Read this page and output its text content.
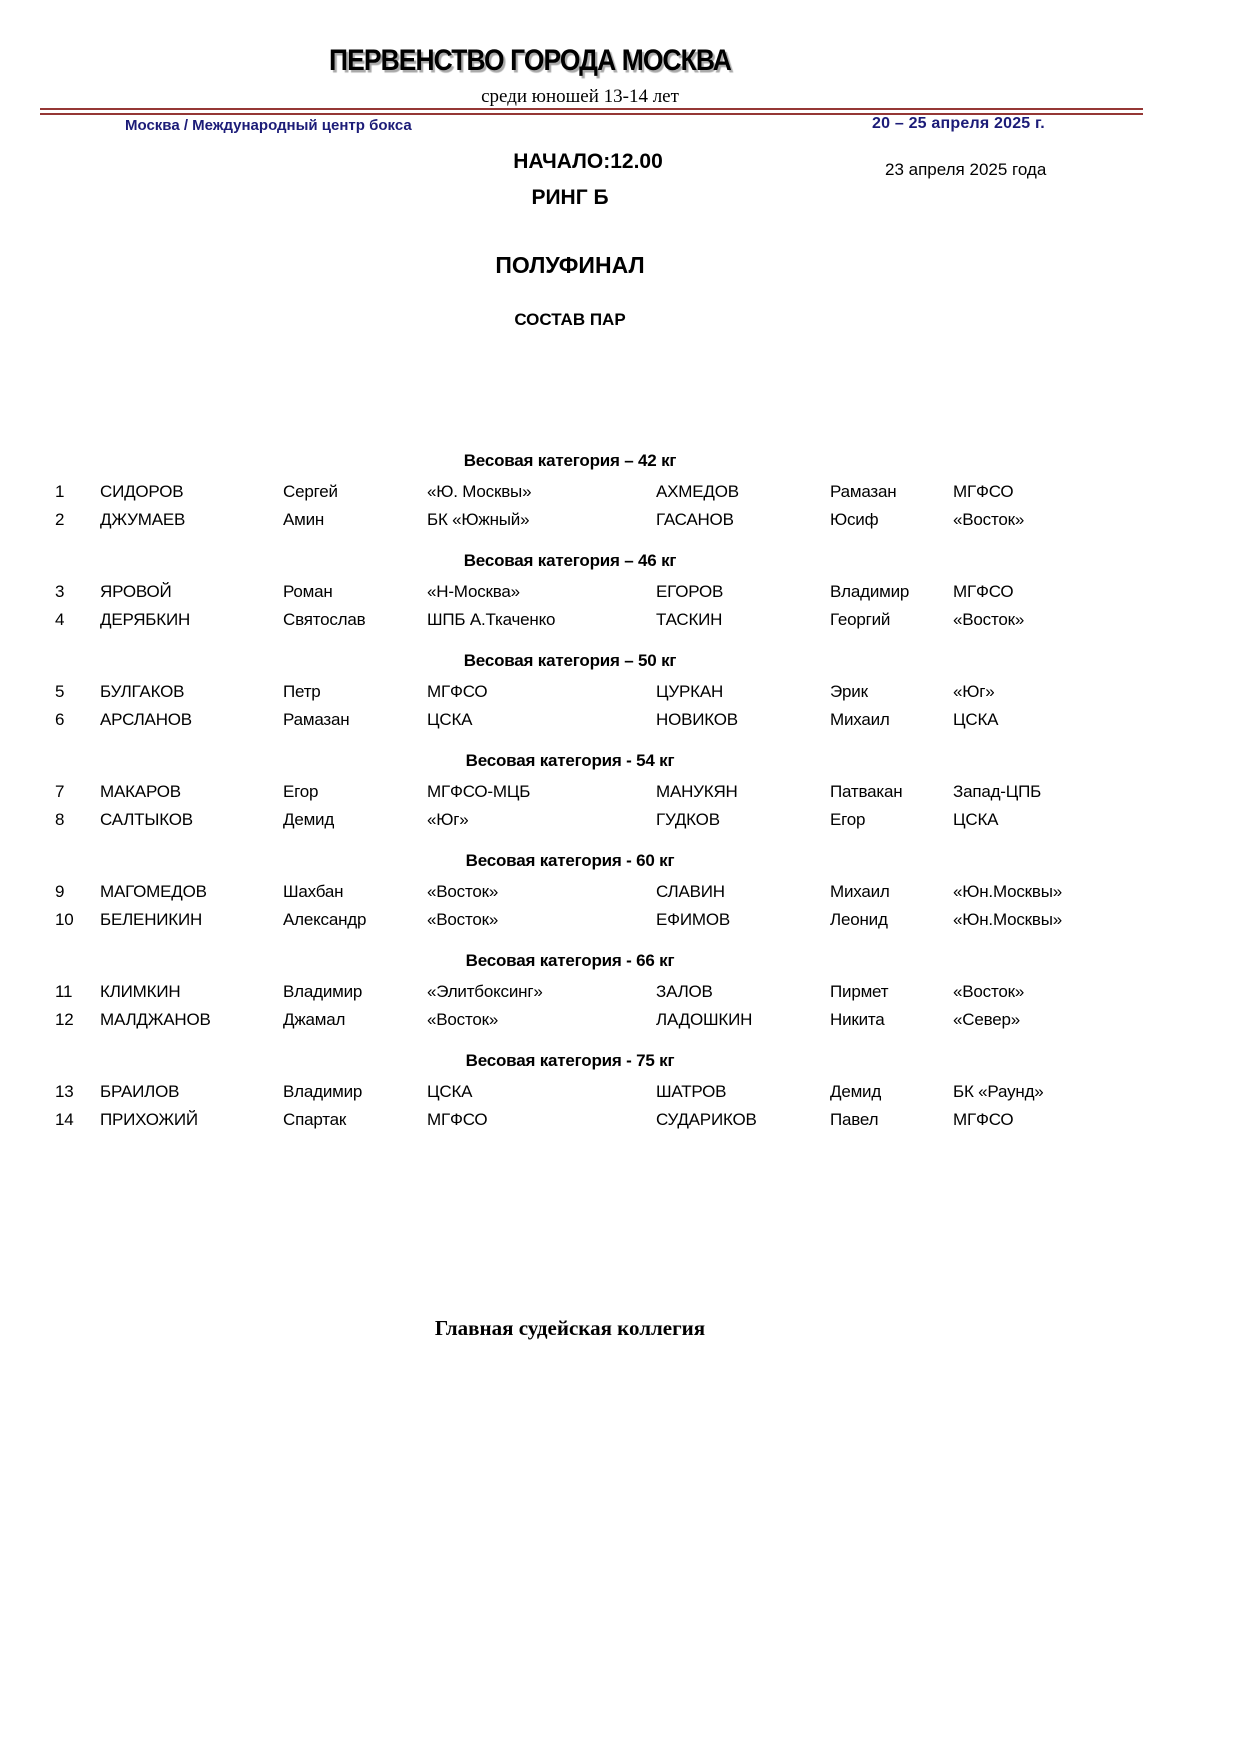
ПЕРВЕНСТВО ГОРОДА МОСКВА
среди юношей 13-14 лет
Москва / Международный центр бокса	20 – 25 апреля 2025 г.
НАЧАЛО:12.00	23 апреля 2025 года
РИНГ Б
ПОЛУФИНАЛ
СОСТАВ ПАР
Весовая категория – 42 кг
1	СИДОРОВ	Сергей	«Ю. Москвы»	АХМЕДОВ	Рамазан	МГФСО
2	ДЖУМАЕВ	Амин	БК «Южный»	ГАСАНОВ	Юсиф	«Восток»
Весовая категория – 46 кг
3	ЯРОВОЙ	Роман	«Н-Москва»	ЕГОРОВ	Владимир	МГФСО
4	ДЕРЯБКИН	Святослав	ШПБ А.Ткаченко	ТАСКИН	Георгий	«Восток»
Весовая категория – 50 кг
5	БУЛГАКОВ	Петр	МГФСО	ЦУРКАН	Эрик	«Юг»
6	АРСЛАНОВ	Рамазан	ЦСКА	НОВИКОВ	Михаил	ЦСКА
Весовая категория - 54 кг
7	МАКАРОВ	Егор	МГФСО-МЦБ	МАНУКЯН	Патвакан	Запад-ЦПБ
8	САЛТЫКОВ	Демид	«Юг»	ГУДКОВ	Егор	ЦСКА
Весовая категория - 60 кг
9	МАГОМЕДОВ	Шахбан	«Восток»	СЛАВИН	Михаил	«Юн.Москвы»
10	БЕЛЕНИКИН	Александр	«Восток»	ЕФИМОВ	Леонид	«Юн.Москвы»
Весовая категория - 66 кг
11	КЛИМКИН	Владимир	«Элитбоксинг»	ЗАЛОВ	Пирмет	«Восток»
12	МАЛДЖАНОВ	Джамал	«Восток»	ЛАДОШКИН	Никита	«Север»
Весовая категория - 75 кг
13	БРАИЛОВ	Владимир	ЦСКА	ШАТРОВ	Демид	БК «Раунд»
14	ПРИХОЖИЙ	Спартак	МГФСО	СУДАРИКОВ	Павел	МГФСО
Главная судейская коллегия
